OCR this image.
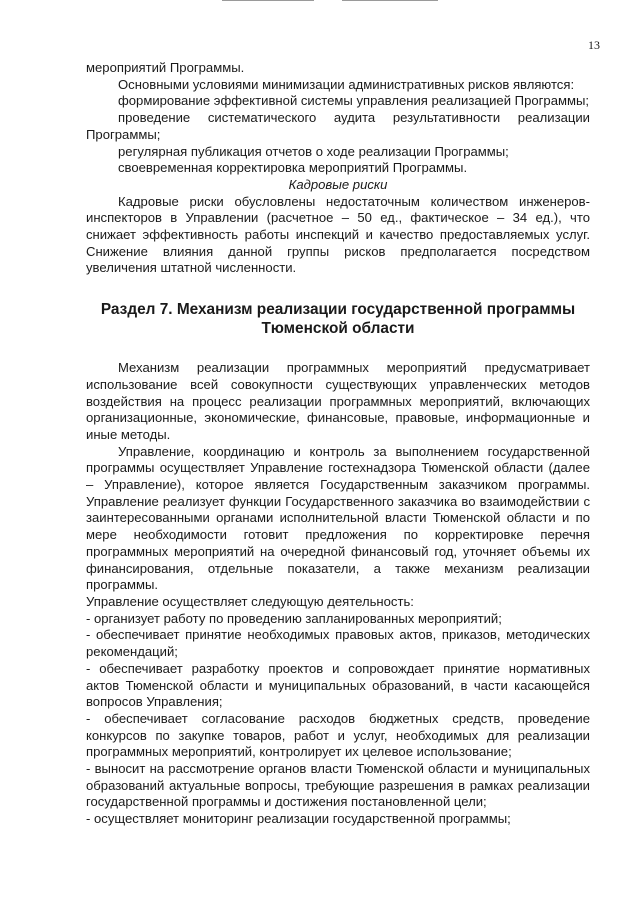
13

мероприятий Программы.

Основными условиями минимизации административных рисков являются:

формирование эффективной системы управления реализацией Программы;

проведение систематического аудита результативности реализации Программы;

регулярная публикация отчетов о ходе реализации Программы;

своевременная корректировка мероприятий Программы.

Кадровые риски

Кадровые риски обусловлены недостаточным количеством инженеров-инспекторов в Управлении (расчетное – 50 ед., фактическое – 34 ед.), что снижает эффективность работы инспекций и качество предоставляемых услуг. Снижение влияния данной группы рисков предполагается посредством увеличения штатной численности.

Раздел 7. Механизм реализации государственной программы Тюменской области

Механизм реализации программных мероприятий предусматривает использование всей совокупности существующих управленческих методов воздействия на процесс реализации программных мероприятий, включающих организационные, экономические, финансовые, правовые, информационные и иные методы.

Управление, координацию и контроль за выполнением государственной программы осуществляет Управление гостехнадзора Тюменской области (далее – Управление), которое является Государственным заказчиком программы. Управление реализует функции Государственного заказчика во взаимодействии с заинтересованными органами исполнительной власти Тюменской области и по мере необходимости готовит предложения по корректировке перечня программных мероприятий на очередной финансовый год, уточняет объемы их финансирования, отдельные показатели, а также механизм реализации программы.

Управление осуществляет следующую деятельность:

- организует работу по проведению запланированных мероприятий;

- обеспечивает принятие необходимых правовых актов, приказов, методических рекомендаций;

- обеспечивает разработку проектов и сопровождает принятие нормативных актов Тюменской области и муниципальных образований, в части касающейся вопросов Управления;

- обеспечивает согласование расходов бюджетных средств, проведение конкурсов по закупке товаров, работ и услуг, необходимых для реализации программных мероприятий, контролирует их целевое использование;

- выносит на рассмотрение органов власти Тюменской области и муниципальных образований актуальные вопросы, требующие разрешения в рамках реализации государственной программы и достижения постановленной цели;

- осуществляет мониторинг реализации государственной программы;
